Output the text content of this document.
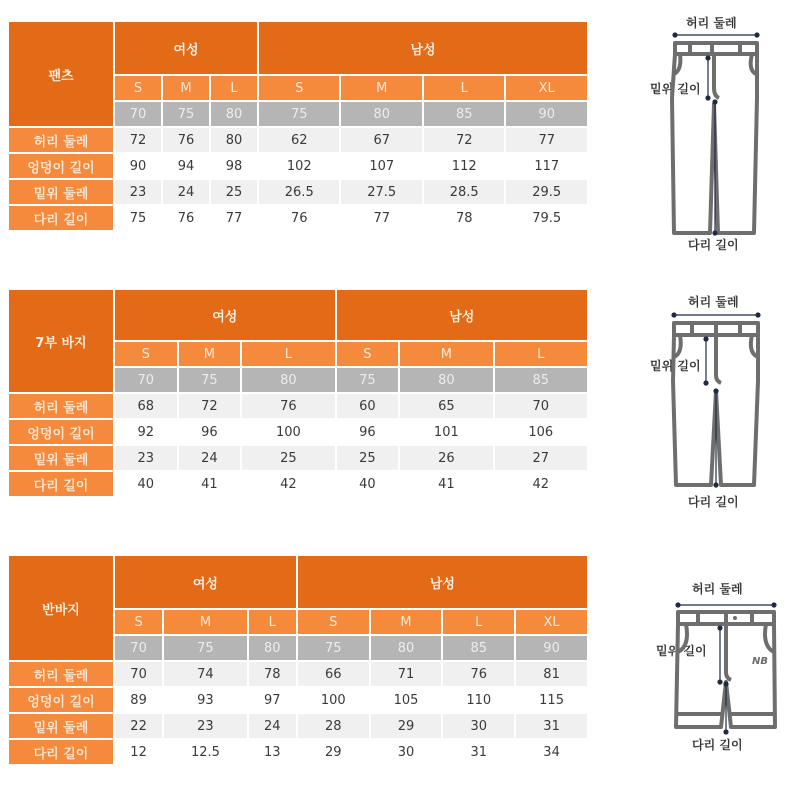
팬츠	여성			남성			
	S	M	L	S	M	L	XL
	70	75	80	75	80	85	90
허리 둘레	72	76	80	62	67	72	77
엉덩이 길이	90	94	98	102	107	112	117
밑위 둘레	23	24	25	26.5	27.5	28.5	29.5
다리 길이	75	76	77	76	77	78	79.5
7부 바지	여성			남성		
	S	M	L	S	M	L
	70	75	80	75	80	85
허리 둘레	68	72	76	60	65	70
엉덩이 길이	92	96	100	96	101	106
밑위 둘레	23	24	25	25	26	27
다리 길이	40	41	42	40	41	42
반바지	여성			남성			
	S	M	L	S	M	L	XL
	70	75	80	75	80	85	90
허리 둘레	70	74	78	66	71	76	81
엉덩이 길이	89	93	97	100	105	110	115
밑위 둘레	22	23	24	28	29	30	31
다리 길이	12	12.5	13	29	30	31	34
허리 둘레
밑위 길이
다리 길이
허리 둘레
밑위 길이
다리 길이
허리 둘레
밑위 길이
다리 길이
NB
